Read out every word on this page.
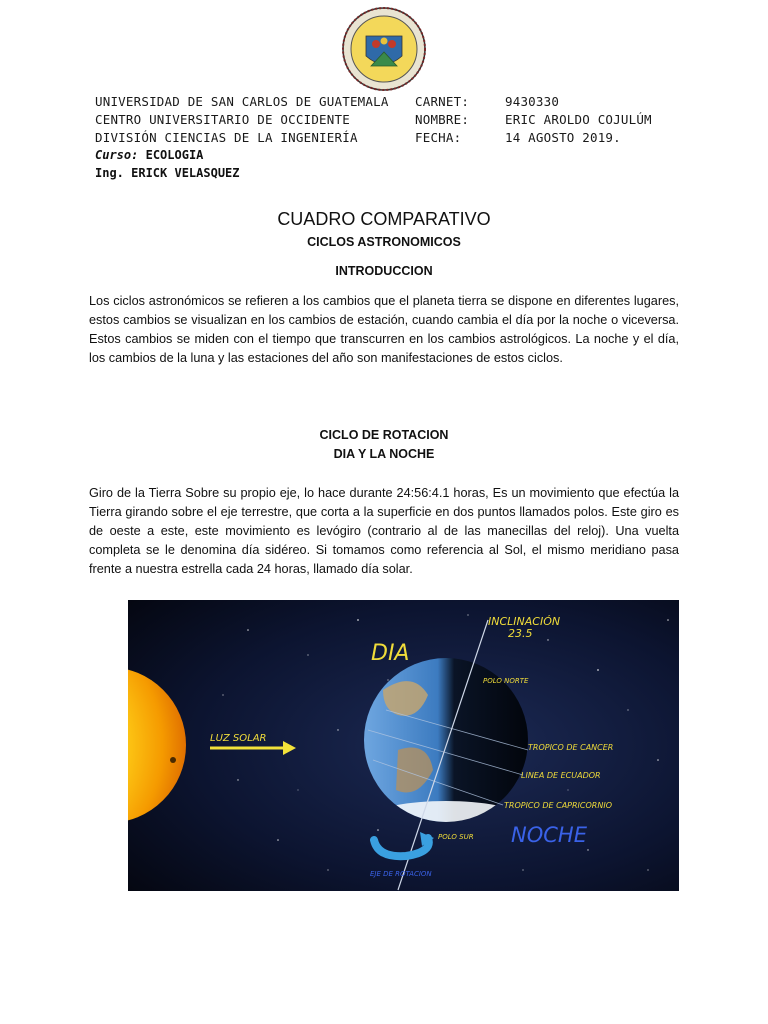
UNIVERSIDAD DE SAN CARLOS DE GUATEMALA
CENTRO UNIVERSITARIO DE OCCIDENTE
DIVISIÓN CIENCIAS DE LA INGENIERÍA
CARNET:	9430330
NOMBRE:	ERIC AROLDO COJULÚM
FECHA:	14 AGOSTO 2019.
Curso: ECOLOGIA
Ing. ERICK VELASQUEZ
CUADRO COMPARATIVO
CICLOS ASTRONOMICOS
INTRODUCCION
Los ciclos astronómicos se refieren a los cambios que el planeta tierra se dispone en diferentes lugares, estos cambios se visualizan en los cambios de estación, cuando cambia el día por la noche o viceversa. Estos cambios se miden con el tiempo que transcurren en los cambios astrológicos. La noche y el día, los cambios de la luna y las estaciones del año son manifestaciones de estos ciclos.
CICLO DE ROTACION
DIA Y LA NOCHE
Giro de la Tierra Sobre su propio eje, lo hace durante 24:56:4.1 horas, Es un movimiento que efectúa la Tierra girando sobre el eje terrestre, que corta a la superficie en dos puntos llamados polos. Este giro es de oeste a este, este movimiento es levógiro (contrario al de las manecillas del reloj). Una vuelta completa se le denomina día sidéreo. Si tomamos como referencia al Sol, el mismo meridiano pasa frente a nuestra estrella cada 24 horas, llamado día solar.
DIA
NOCHE
INCLINACIÓN
23.5
LUZ SOLAR
POLO NORTE
TROPICO DE CANCER
LINEA DE ECUADOR
TROPICO DE CAPRICORNIO
POLO SUR
EJE DE ROTACION
